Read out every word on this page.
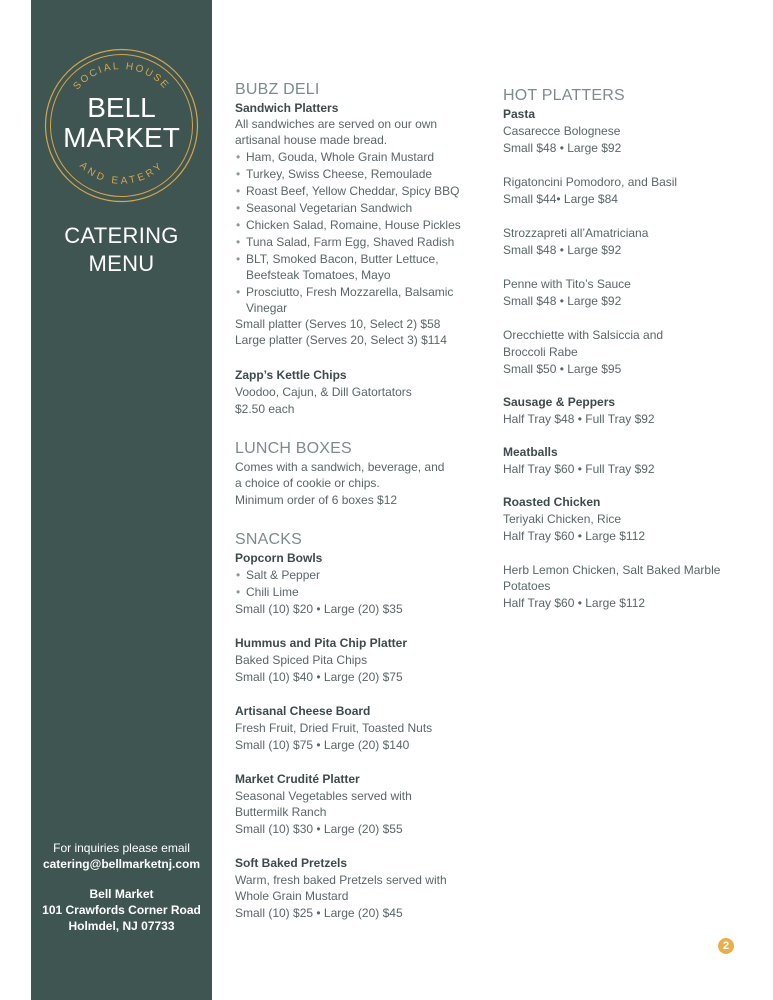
SOCIAL HOUSE
AND EATERY
BELL
MARKET
CATERING
MENU
For inquiries please email
catering@bellmarketnj.com
Bell Market
101 Crawfords Corner Road
Holmdel, NJ 07733
BUBZ DELI
Sandwich Platters
All sandwiches are served on our own
artisanal house made bread.
• Ham, Gouda, Whole Grain Mustard
• Turkey, Swiss Cheese, Remoulade
• Roast Beef, Yellow Cheddar, Spicy BBQ
• Seasonal Vegetarian Sandwich
• Chicken Salad, Romaine, House Pickles
• Tuna Salad, Farm Egg, Shaved Radish
• BLT, Smoked Bacon, Butter Lettuce,
Beefsteak Tomatoes, Mayo
• Prosciutto, Fresh Mozzarella, Balsamic
Vinegar
Small platter (Serves 10, Select 2) $58
Large platter (Serves 20, Select 3) $114
Zapp’s Kettle Chips
Voodoo, Cajun, & Dill Gatortators
$2.50 each
LUNCH BOXES
Comes with a sandwich, beverage, and
a choice of cookie or chips.
Minimum order of 6 boxes $12
SNACKS
Popcorn Bowls
• Salt & Pepper
• Chili Lime
Small (10) $20 • Large (20) $35
Hummus and Pita Chip Platter
Baked Spiced Pita Chips
Small (10) $40 • Large (20) $75
Artisanal Cheese Board
Fresh Fruit, Dried Fruit, Toasted Nuts
Small (10) $75 • Large (20) $140
Market Crudité Platter
Seasonal Vegetables served with
Buttermilk Ranch
Small (10) $30 • Large (20) $55
Soft Baked Pretzels
Warm, fresh baked Pretzels served with
Whole Grain Mustard
Small (10) $25 • Large (20) $45
HOT PLATTERS
Pasta
Casarecce Bolognese
Small $48 • Large $92
Rigatoncini Pomodoro, and Basil
Small $44• Large $84
Strozzapreti all’Amatriciana
Small $48 • Large $92
Penne with Tito’s Sauce
Small $48 • Large $92
Orecchiette with Salsiccia and
Broccoli Rabe
Small $50 • Large $95
Sausage & Peppers
Half Tray $48 • Full Tray $92
Meatballs
Half Tray $60 • Full Tray $92
Roasted Chicken
Teriyaki Chicken, Rice
Half Tray $60 • Large $112
Herb Lemon Chicken, Salt Baked Marble
Potatoes
Half Tray $60 • Large $112
2
